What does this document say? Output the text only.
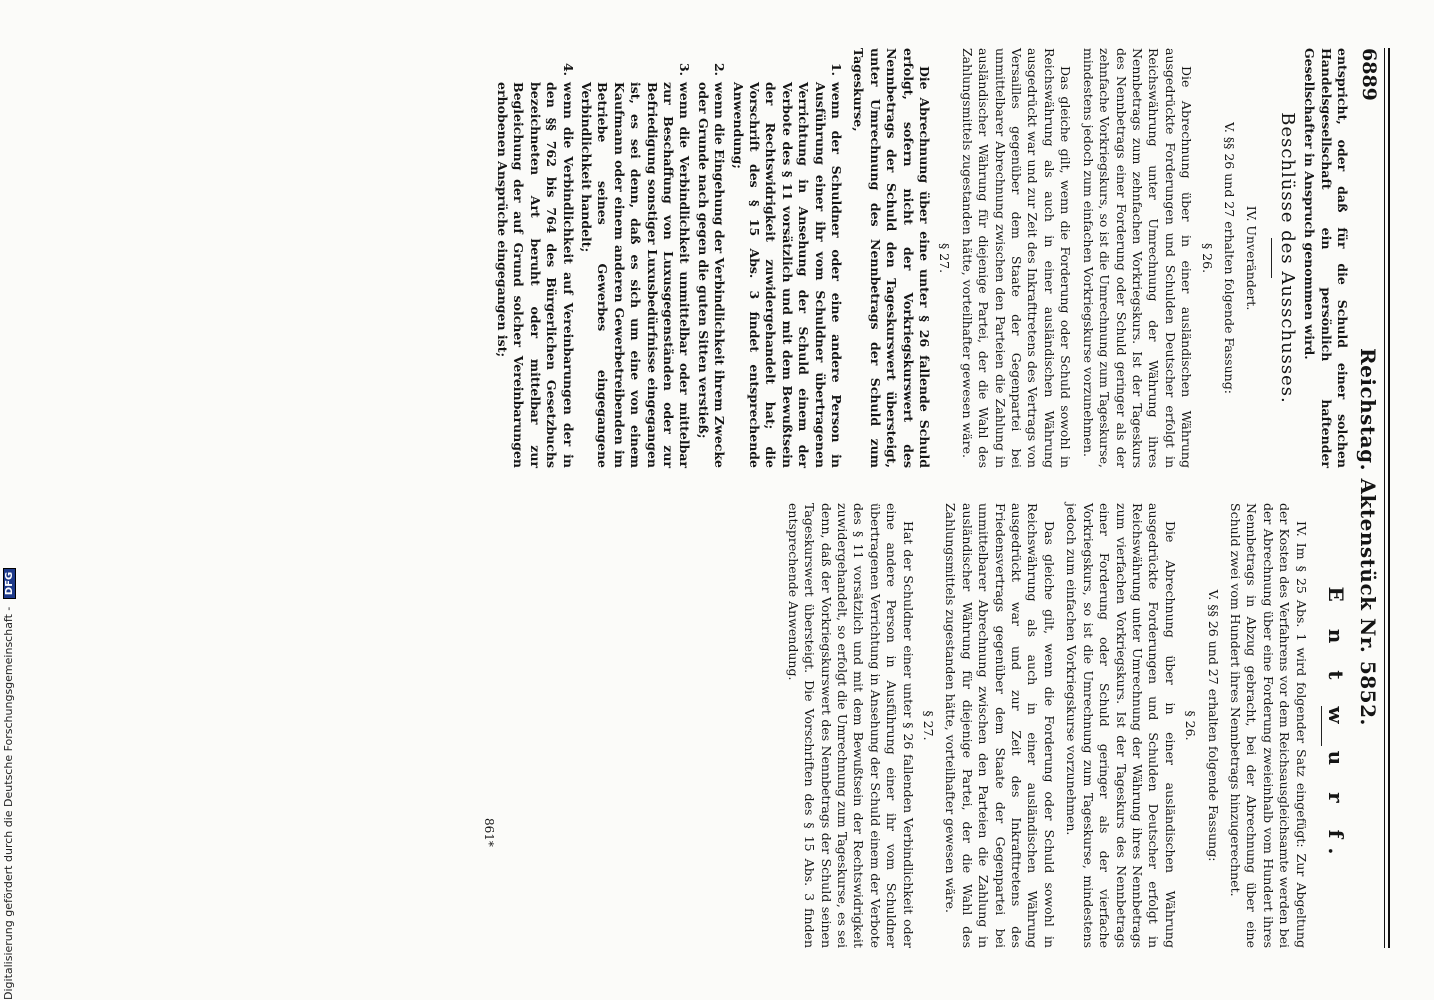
6889
Reichstag. Aktenstück Nr. 5852.
entspricht, oder daß für die Schuld einer solchen Handelsgesellschaft ein persönlich haftender Gesellschafter in Anspruch genommen wird.
Beschlüsse des Ausschusses.
IV. Unverändert.
V. §§ 26 und 27 erhalten folgende Fassung:
§ 26.
Die Abrechnung über in einer ausländischen Währung ausgedrückte Forderungen und Schulden Deutscher erfolgt in Reichswährung unter Umrechnung der Währung ihres Nennbetrags zum zehnfachen Vorkriegskurs. Ist der Tageskurs des Nennbetrags einer Forderung oder Schuld geringer als der zehnfache Vorkriegskurs, so ist die Umrechnung zum Tageskurse, mindestens jedoch zum einfachen Vorkriegskurse vorzunehmen.
Das gleiche gilt, wenn die Forderung oder Schuld sowohl in Reichswährung als auch in einer ausländischen Währung ausgedrückt war und zur Zeit des Inkrafttretens des Vertrags von Versailles gegenüber dem Staate der Gegenpartei bei unmittelbarer Abrechnung zwischen den Parteien die Zahlung in ausländischer Währung für diejenige Partei, der die Wahl des Zahlungsmittels zugestanden hätte, vorteilhafter gewesen wäre.
§ 27.
Die Abrechnung über eine unter § 26 fallende Schuld erfolgt, sofern nicht der Vorkriegskurswert des Nennbetrags der Schuld den Tageskurswert übersteigt, unter Umrechnung des Nennbetrags der Schuld zum Tageskurse,
1.
wenn der Schuldner oder eine andere Person in Ausführung einer ihr vom Schuldner übertragenen Verrichtung in Ansehung der Schuld einem der Verbote des § 11 vorsätzlich und mit dem Bewußtsein der Rechtswidrigkeit zuwidergehandelt hat; die Vorschrift des § 15 Abs. 3 findet entsprechende Anwendung;
2.
wenn die Eingehung der Verbindlichkeit ihrem Zwecke oder Grunde nach gegen die guten Sitten verstieß;
3.
wenn die Verbindlichkeit unmittelbar oder mittelbar zur Beschaffung von Luxusgegenständen oder zur Befriedigung sonstiger Luxusbedürfnisse eingegangen ist, es sei denn, daß es sich um eine von einem Kaufmann oder einem anderen Gewerbetreibenden im Betriebe seines Gewerbes eingegangene Verbindlichkeit handelt;
4.
wenn die Verbindlichkeit auf Vereinbarungen der in den §§ 762 bis 764 des Bürgerlichen Gesetzbuchs bezeichneten Art beruht oder mittelbar zur Begleichung der auf Grund solcher Vereinbarungen erhobenen Ansprüche eingegangen ist;
E n t w u r f.
IV. Im § 25 Abs. 1 wird folgender Satz eingefügt: Zur Abgeltung der Kosten des Verfahrens vor dem Reichsausgleichsamte werden bei der Abrechnung über eine Forderung zweieinhalb vom Hundert ihres Nennbetrags in Abzug gebracht, bei der Abrechnung über eine Schuld zwei vom Hundert ihres Nennbetrags hinzugerechnet.
V. §§ 26 und 27 erhalten folgende Fassung:
§ 26.
Die Abrechnung über in einer ausländischen Währung ausgedrückte Forderungen und Schulden Deutscher erfolgt in Reichswährung unter Umrechnung der Währung ihres Nennbetrags zum vierfachen Vorkriegskurs. Ist der Tageskurs des Nennbetrags einer Forderung oder Schuld geringer als der vierfache Vorkriegskurs, so ist die Umrechnung zum Tageskurse, mindestens jedoch zum einfachen Vorkriegskurse vorzunehmen.
Das gleiche gilt, wenn die Forderung oder Schuld sowohl in Reichswährung als auch in einer ausländischen Währung ausgedrückt war und zur Zeit des Inkrafttretens des Friedensvertrags gegenüber dem Staate der Gegenpartei bei unmittelbarer Abrechnung zwischen den Parteien die Zahlung in ausländischer Währung für diejenige Partei, der die Wahl des Zahlungsmittels zugestanden hätte, vorteilhafter gewesen wäre.
§ 27.
Hat der Schuldner einer unter § 26 fallenden Verbindlichkeit oder eine andere Person in Ausführung einer ihr vom Schuldner übertragenen Verrichtung in Ansehung der Schuld einem der Verbote des § 11 vorsätzlich und mit dem Bewußtsein der Rechtswidrigkeit zuwidergehandelt, so erfolgt die Umrechnung zum Tageskurse, es sei denn, daß der Vorkriegskurswert des Nennbetrags der Schuld seinen Tageskurswert übersteigt. Die Vorschriften des § 15 Abs. 3 finden entsprechende Anwendung.
861*
Digitalisierung gefördert durch die Deutsche Forschungsgemeinschaft - DFG
